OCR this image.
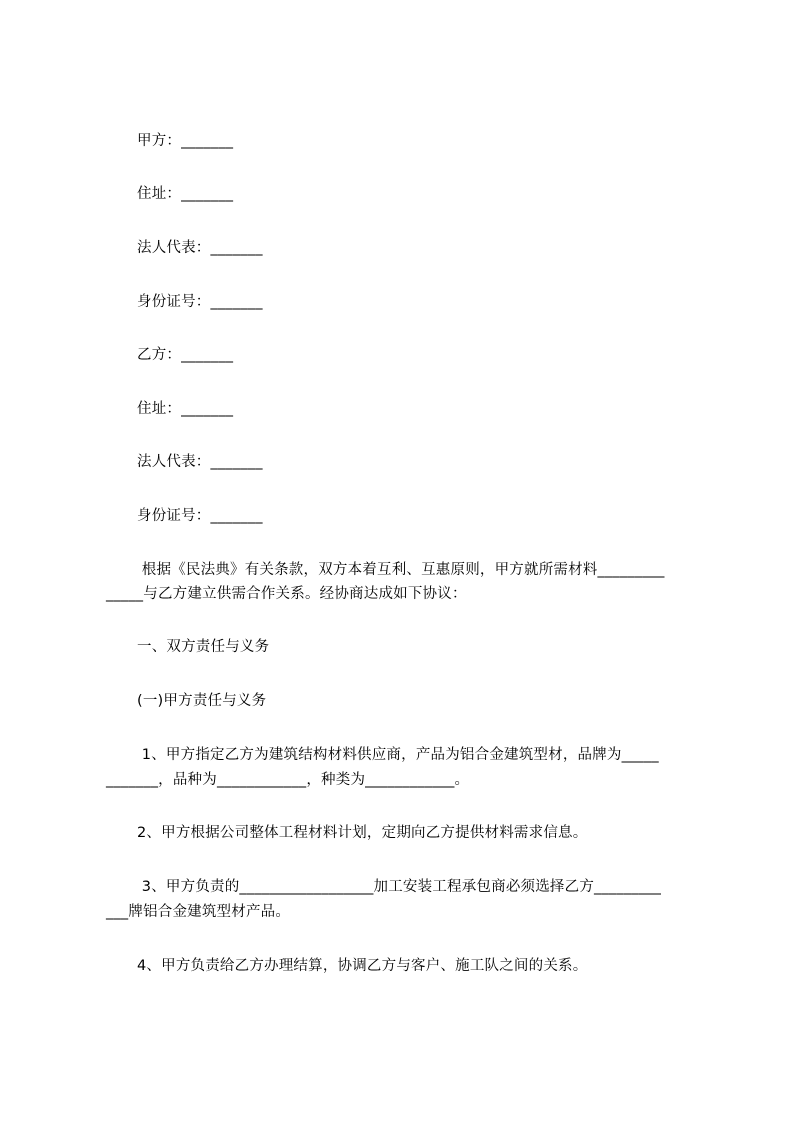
甲方：_______
住址：_______
法人代表：_______
身份证号：_______
乙方：_______
住址：_______
法人代表：_______
身份证号：_______
根据《民法典》有关条款，双方本着互利、互惠原则，甲方就所需材料_________
_____与乙方建立供需合作关系。经协商达成如下协议：
一、双方责任与义务
(一)甲方责任与义务
1、甲方指定乙方为建筑结构材料供应商，产品为铝合金建筑型材，品牌为_____
_______，品种为____________，种类为____________。
2、甲方根据公司整体工程材料计划，定期向乙方提供材料需求信息。
3、甲方负责的__________________加工安装工程承包商必须选择乙方_________
___牌铝合金建筑型材产品。
4、甲方负责给乙方办理结算，协调乙方与客户、施工队之间的关系。
